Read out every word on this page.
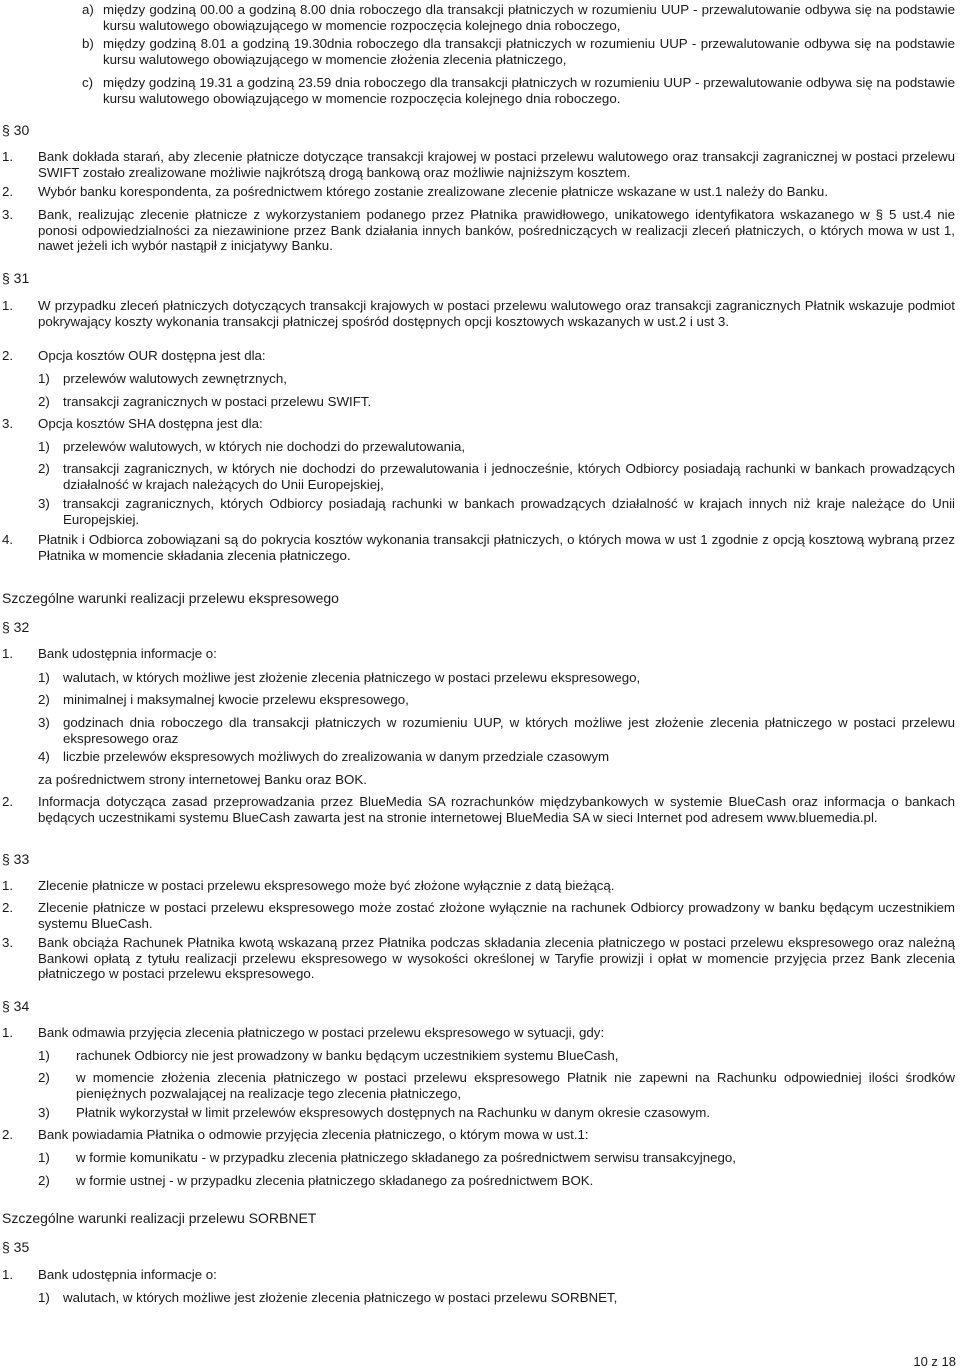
a) między godziną 00.00 a godziną 8.00 dnia roboczego dla transakcji płatniczych w rozumieniu UUP - przewalutowanie odbywa się na podstawie kursu walutowego obowiązującego w momencie rozpoczęcia kolejnego dnia roboczego,
b) między godziną 8.01 a godziną 19.30dnia roboczego dla transakcji płatniczych w rozumieniu UUP - przewalutowanie odbywa się na podstawie kursu walutowego obowiązującego w momencie złożenia zlecenia płatniczego,
c) między godziną 19.31 a godziną 23.59 dnia roboczego dla transakcji płatniczych w rozumieniu UUP - przewalutowanie odbywa się na podstawie kursu walutowego obowiązującego w momencie rozpoczęcia kolejnego dnia roboczego.
§ 30
1. Bank dokłada starań, aby zlecenie płatnicze dotyczące transakcji krajowej w postaci przelewu walutowego oraz transakcji zagranicznej w postaci przelewu SWIFT zostało zrealizowane możliwie najkrótszą drogą bankową oraz możliwie najniższym kosztem.
2. Wybór banku korespondenta, za pośrednictwem którego zostanie zrealizowane zlecenie płatnicze wskazane w ust.1 należy do Banku.
3. Bank, realizując zlecenie płatnicze z wykorzystaniem podanego przez Płatnika prawidłowego, unikatowego identyfikatora wskazanego w § 5 ust.4 nie ponosi odpowiedzialności za niezawinione przez Bank działania innych banków, pośredniczących w realizacji zleceń płatniczych, o których mowa w ust 1, nawet jeżeli ich wybór nastąpił z inicjatywy Banku.
§ 31
1. W przypadku zleceń płatniczych dotyczących transakcji krajowych w postaci przelewu walutowego oraz transakcji zagranicznych Płatnik wskazuje podmiot pokrywający koszty wykonania transakcji płatniczej spośród dostępnych opcji kosztowych wskazanych w ust.2 i ust 3.
2. Opcja kosztów OUR dostępna jest dla:
1) przelewów walutowych zewnętrznych,
2) transakcji zagranicznych w postaci przelewu SWIFT.
3. Opcja kosztów SHA dostępna jest dla:
1) przelewów walutowych, w których nie dochodzi do przewalutowania,
2) transakcji zagranicznych, w których nie dochodzi do przewalutowania i jednocześnie, których Odbiorcy posiadają rachunki w bankach prowadzących działalność w krajach należących do Unii Europejskiej,
3) transakcji zagranicznych, których Odbiorcy posiadają rachunki w bankach prowadzących działalność w krajach innych niż kraje należące do Unii Europejskiej.
4. Płatnik i Odbiorca zobowiązani są do pokrycia kosztów wykonania transakcji płatniczych, o których mowa w ust 1 zgodnie z opcją kosztową wybraną przez Płatnika w momencie składania zlecenia płatniczego.
Szczególne warunki realizacji przelewu ekspresowego
§ 32
1. Bank udostępnia informacje o:
1) walutach, w których możliwe jest złożenie zlecenia płatniczego w postaci przelewu ekspresowego,
2) minimalnej i maksymalnej kwocie przelewu ekspresowego,
3) godzinach dnia roboczego dla transakcji płatniczych w rozumieniu UUP, w których możliwe jest złożenie zlecenia płatniczego w postaci przelewu ekspresowego oraz
4) liczbie przelewów ekspresowych możliwych do zrealizowania w danym przedziale czasowym
za pośrednictwem strony internetowej Banku oraz BOK.
2. Informacja dotycząca zasad przeprowadzania przez BlueMedia SA rozrachunków międzybankowych w systemie BlueCash oraz informacja o bankach będących uczestnikami systemu BlueCash zawarta jest na stronie internetowej BlueMedia SA w sieci Internet pod adresem www.bluemedia.pl.
§ 33
1. Zlecenie płatnicze w postaci przelewu ekspresowego może być złożone wyłącznie z datą bieżącą.
2. Zlecenie płatnicze w postaci przelewu ekspresowego może zostać złożone wyłącznie na rachunek Odbiorcy prowadzony w banku będącym uczestnikiem systemu BlueCash.
3. Bank obciąża Rachunek Płatnika kwotą wskazaną przez Płatnika podczas składania zlecenia płatniczego w postaci przelewu ekspresowego oraz należną Bankowi opłatą z tytułu realizacji przelewu ekspresowego w wysokości określonej w Taryfie prowizji i opłat w momencie przyjęcia przez Bank zlecenia płatniczego w postaci przelewu ekspresowego.
§ 34
1. Bank odmawia przyjęcia zlecenia płatniczego w postaci przelewu ekspresowego w sytuacji, gdy:
1) rachunek Odbiorcy nie jest prowadzony w banku będącym uczestnikiem systemu BlueCash,
2) w momencie złożenia zlecenia płatniczego w postaci przelewu ekspresowego Płatnik nie zapewni na Rachunku odpowiedniej ilości środków pieniężnych pozwalającej na realizacje tego zlecenia płatniczego,
3) Płatnik wykorzystał w limit przelewów ekspresowych dostępnych na Rachunku w danym okresie czasowym.
2. Bank powiadamia Płatnika o odmowie przyjęcia zlecenia płatniczego, o którym mowa w ust.1:
1) w formie komunikatu - w przypadku zlecenia płatniczego składanego za pośrednictwem serwisu transakcyjnego,
2) w formie ustnej - w przypadku zlecenia płatniczego składanego za pośrednictwem BOK.
Szczególne warunki realizacji przelewu SORBNET
§ 35
1. Bank udostępnia informacje o:
1) walutach, w których możliwe jest złożenie zlecenia płatniczego w postaci przelewu SORBNET,
10 z 18
